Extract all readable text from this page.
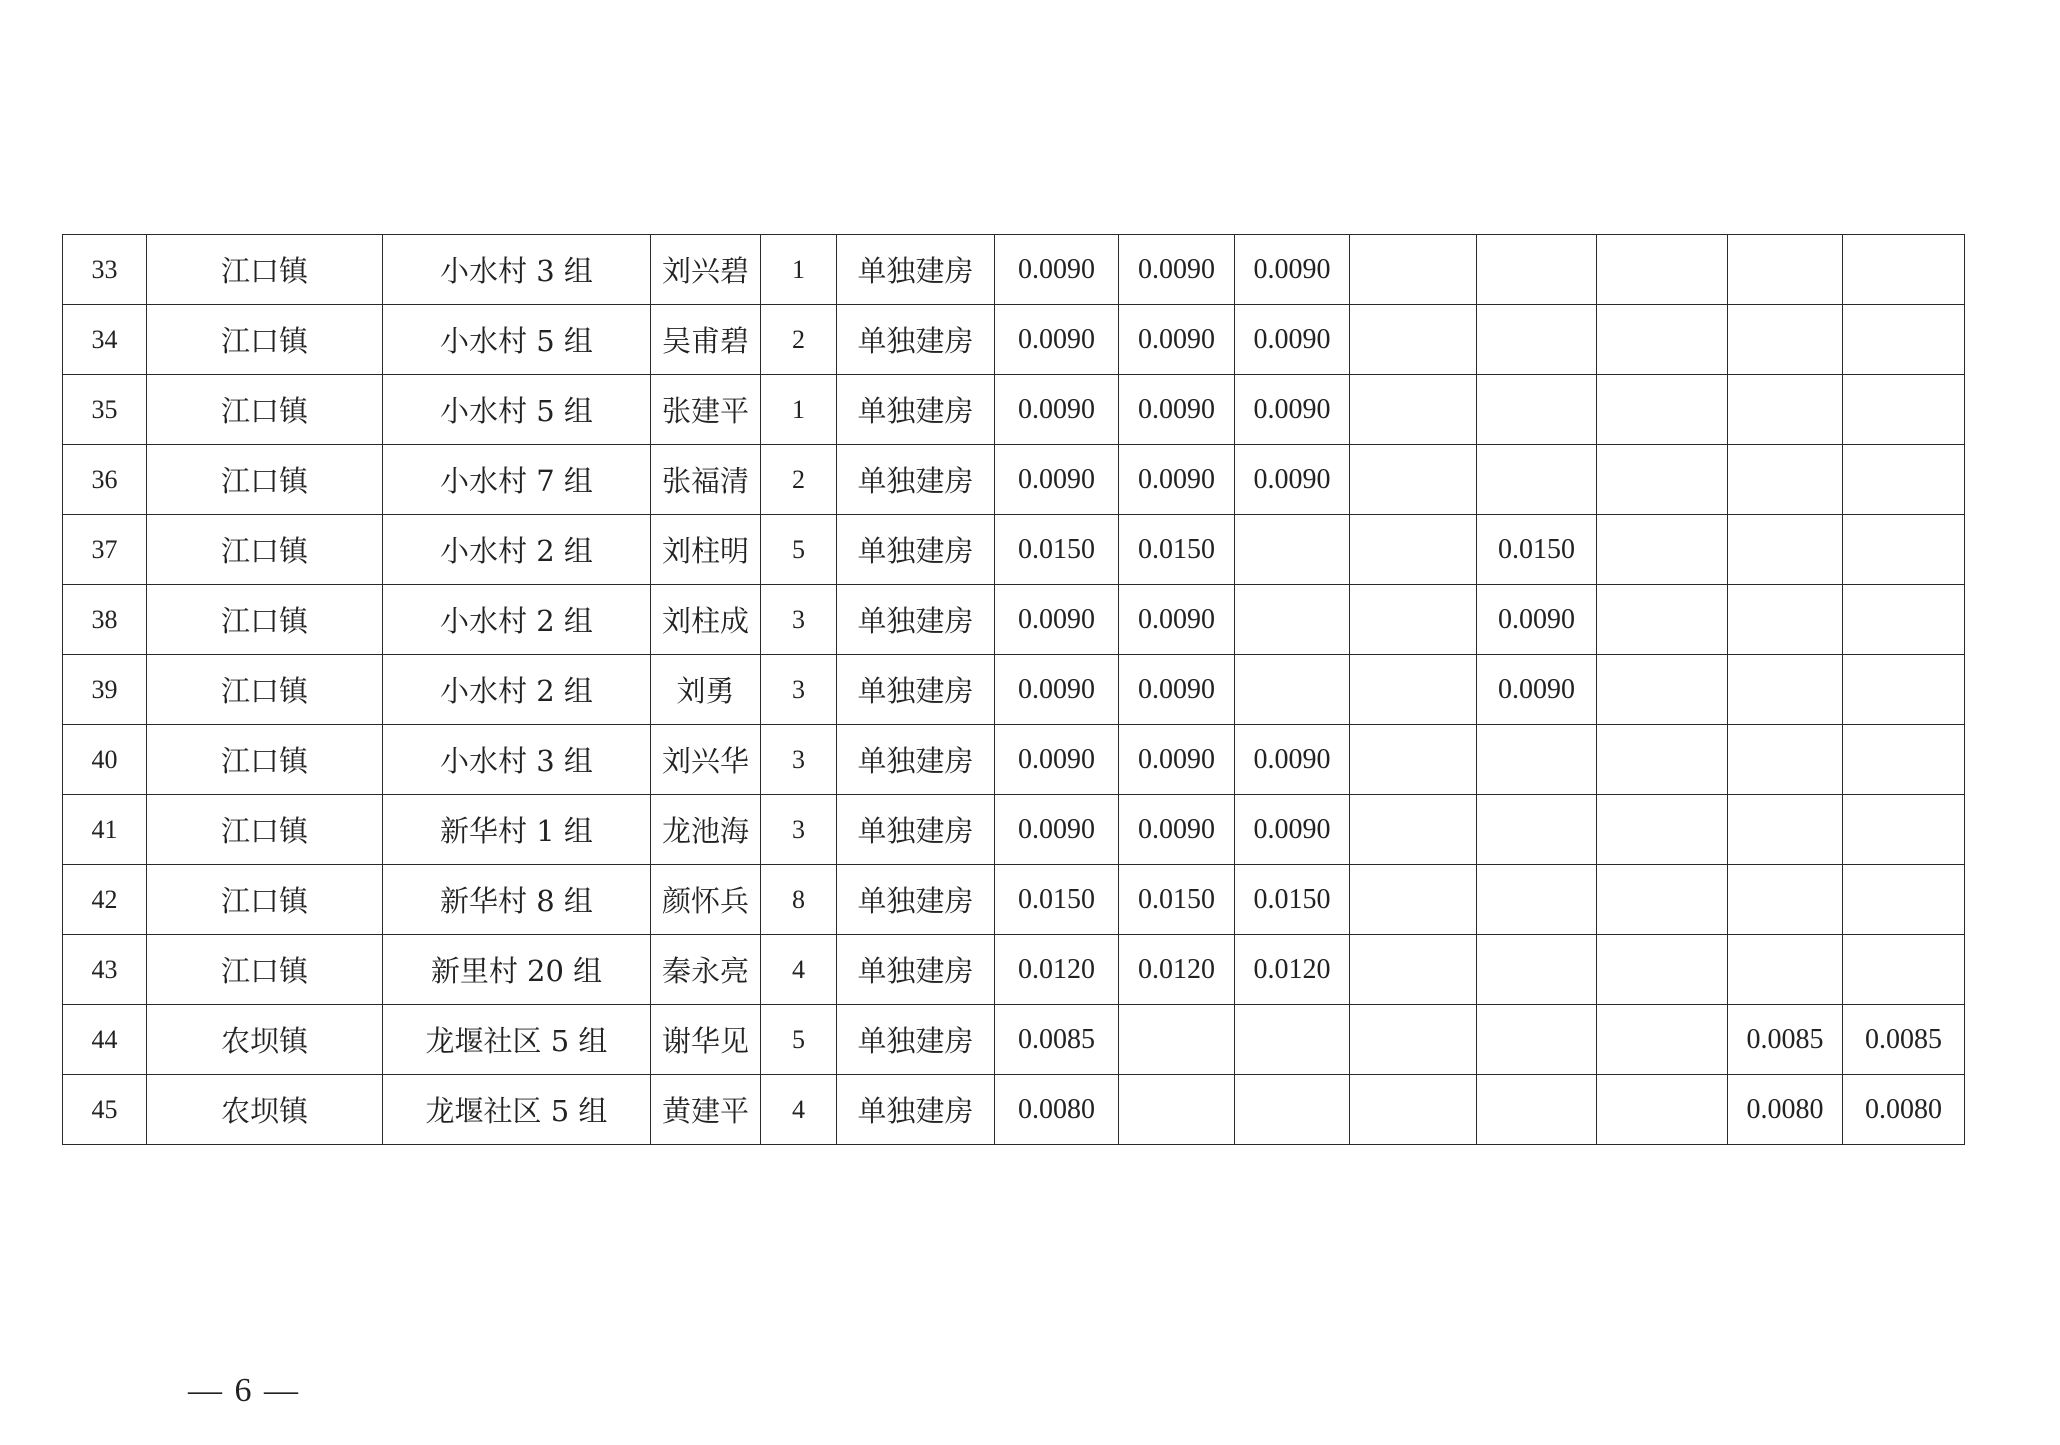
33	江口镇	小水村 3 组	刘兴碧	1	单独建房	0.0090	0.0090	0.0090					
34	江口镇	小水村 5 组	吴甫碧	2	单独建房	0.0090	0.0090	0.0090					
35	江口镇	小水村 5 组	张建平	1	单独建房	0.0090	0.0090	0.0090					
36	江口镇	小水村 7 组	张福清	2	单独建房	0.0090	0.0090	0.0090					
37	江口镇	小水村 2 组	刘柱明	5	单独建房	0.0150	0.0150			0.0150			
38	江口镇	小水村 2 组	刘柱成	3	单独建房	0.0090	0.0090			0.0090			
39	江口镇	小水村 2 组	刘勇	3	单独建房	0.0090	0.0090			0.0090			
40	江口镇	小水村 3 组	刘兴华	3	单独建房	0.0090	0.0090	0.0090					
41	江口镇	新华村 1 组	龙池海	3	单独建房	0.0090	0.0090	0.0090					
42	江口镇	新华村 8 组	颜怀兵	8	单独建房	0.0150	0.0150	0.0150					
43	江口镇	新里村 20 组	秦永亮	4	单独建房	0.0120	0.0120	0.0120					
44	农坝镇	龙堰社区 5 组	谢华见	5	单独建房	0.0085						0.0085	0.0085
45	农坝镇	龙堰社区 5 组	黄建平	4	单独建房	0.0080						0.0080	0.0080
— 6 —
